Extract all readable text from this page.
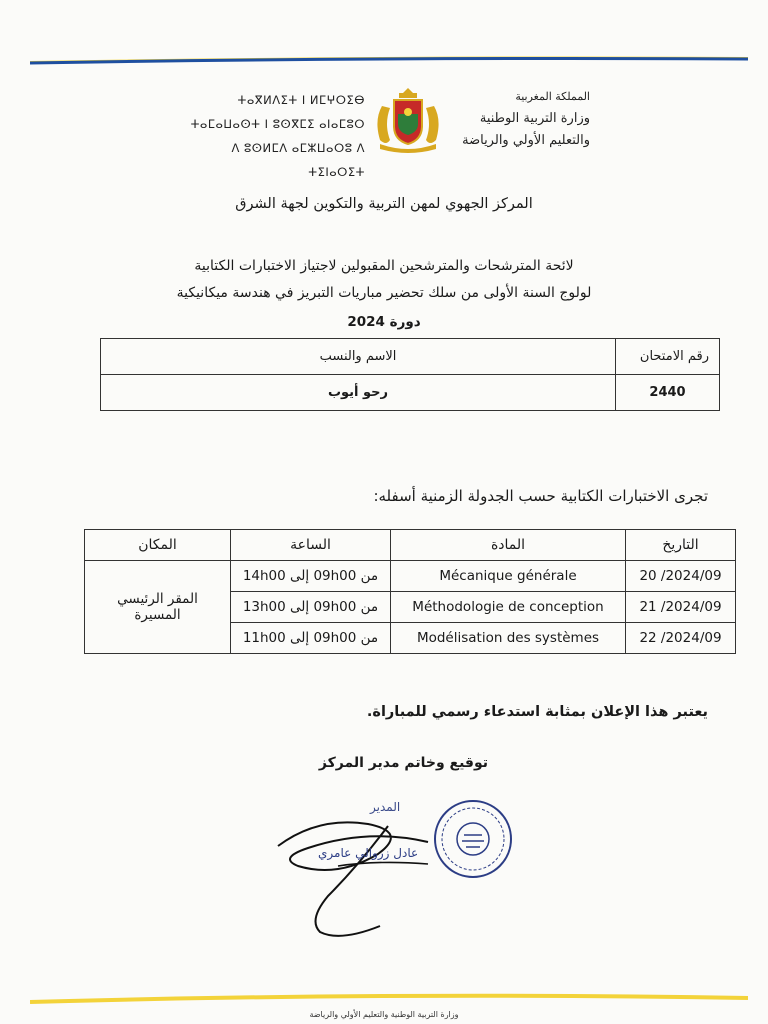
المملكة المغربية
وزارة التربية الوطنية
والتعليم الأولي والرياضة
ⵜⴰⴳⵍⴷⵉⵜ ⵏ ⵍⵎⵖⵔⵉⴱ
ⵜⴰⵎⴰⵡⴰⵙⵜ ⵏ ⵓⵙⴳⵎⵉ ⴰⵏⴰⵎⵓⵔ
ⴷ ⵓⵙⵍⵎⴷ ⴰⵎⵣⵡⴰⵔⵓ ⴷ ⵜⵉⵏⴰⵔⵉⵜ
المركز الجهوي لمهن التربية والتكوين لجهة الشرق
لائحة المترشحات والمترشحين المقبولين لاجتياز الاختبارات الكتابية
لولوج السنة الأولى من سلك تحضير مباريات التبريز في هندسة ميكانيكية
دورة 2024
رقم الامتحان	الاسم والنسب
2440	رحو أيوب
تجرى الاختبارات الكتابية حسب الجدولة الزمنية أسفله:
التاريخ	المادة	الساعة	المكان
2024/09/ 20	Mécanique générale	من 09h00 إلى 14h00	المقر الرئيسي المسيرة
2024/09/ 21	Méthodologie de conception	من 09h00 إلى 13h00	
2024/09/ 22	Modélisation des systèmes	من 09h00 إلى 11h00	
يعتبر هذا الإعلان بمثابة استدعاء رسمي للمباراة.
توقيع وخاتم مدير المركز
المدير
عادل زروالي عامري
وزارة التربية الوطنية والتعليم الأولي والرياضة
